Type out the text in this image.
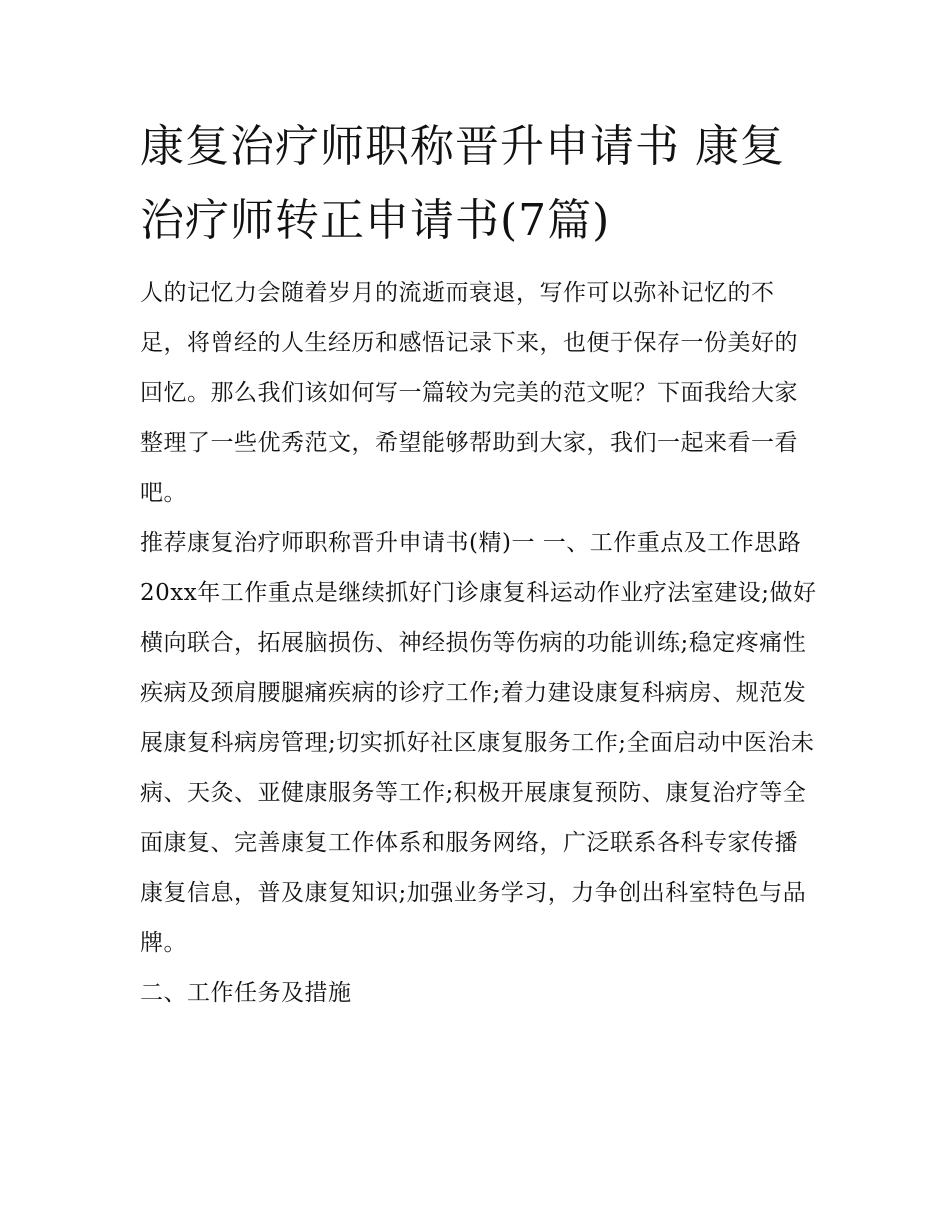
康复治疗师职称晋升申请书 康复治疗师转正申请书(7篇)

人的记忆力会随着岁月的流逝而衰退，写作可以弥补记忆的不足，将曾经的人生经历和感悟记录下来，也便于保存一份美好的回忆。那么我们该如何写一篇较为完美的范文呢？下面我给大家整理了一些优秀范文，希望能够帮助到大家，我们一起来看一看吧。

推荐康复治疗师职称晋升申请书(精)一 一、工作重点及工作思路

20xx年工作重点是继续抓好门诊康复科运动作业疗法室建设;做好横向联合，拓展脑损伤、神经损伤等伤病的功能训练;稳定疼痛性疾病及颈肩腰腿痛疾病的诊疗工作;着力建设康复科病房、规范发展康复科病房管理;切实抓好社区康复服务工作;全面启动中医治未病、天灸、亚健康服务等工作;积极开展康复预防、康复治疗等全面康复、完善康复工作体系和服务网络，广泛联系各科专家传播康复信息，普及康复知识;加强业务学习，力争创出科室特色与品牌。

二、工作任务及措施
